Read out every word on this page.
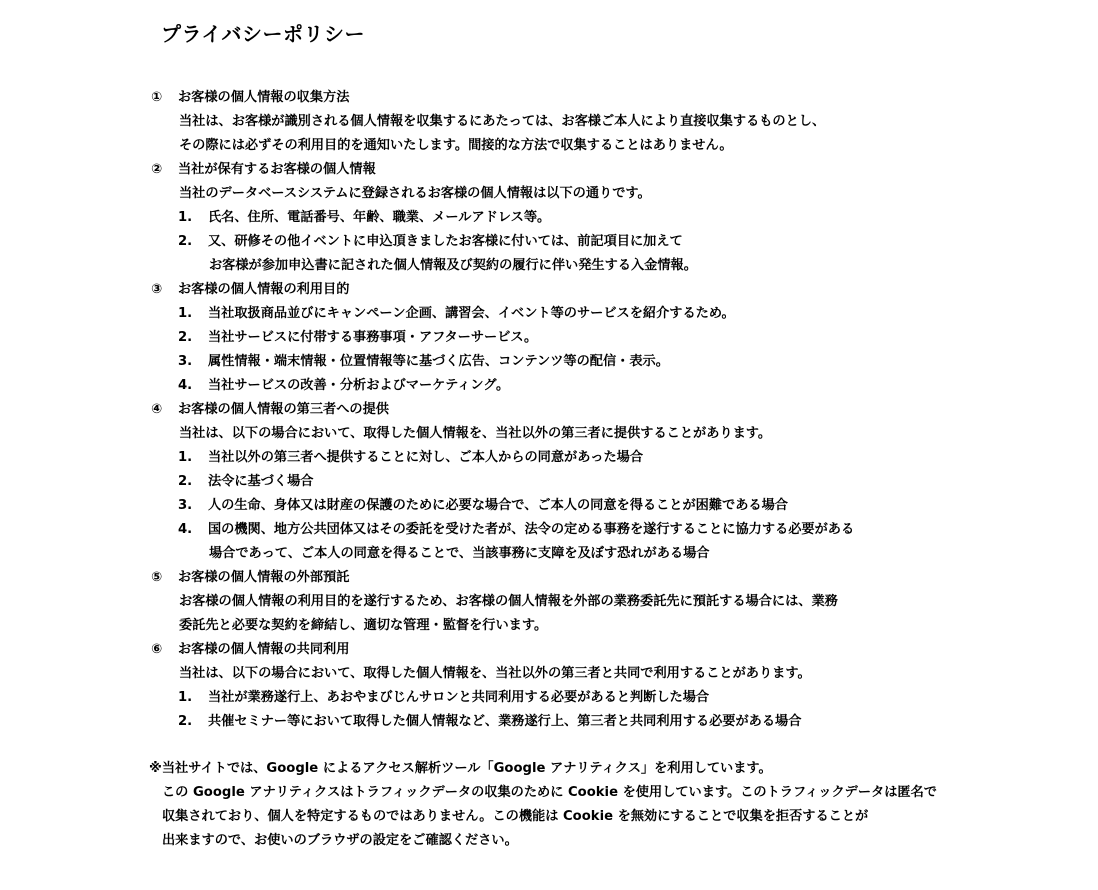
プライバシーポリシー
① お客様の個人情報の収集方法
当社は、お客様が識別される個人情報を収集するにあたっては、お客様ご本人により直接収集するものとし、
その際には必ずその利用目的を通知いたします。間接的な方法で収集することはありません。
② 当社が保有するお客様の個人情報
当社のデータベースシステムに登録されるお客様の個人情報は以下の通りです。
1. 氏名、住所、電話番号、年齢、職業、メールアドレス等。
2. 又、研修その他イベントに申込頂きましたお客様に付いては、前記項目に加えて
お客様が参加申込書に記された個人情報及び契約の履行に伴い発生する入金情報。
③ お客様の個人情報の利用目的
1. 当社取扱商品並びにキャンペーン企画、講習会、イベント等のサービスを紹介するため。
2. 当社サービスに付帯する事務事項・アフターサービス。
3. 属性情報・端末情報・位置情報等に基づく広告、コンテンツ等の配信・表示。
4. 当社サービスの改善・分析およびマーケティング。
④ お客様の個人情報の第三者への提供
当社は、以下の場合において、取得した個人情報を、当社以外の第三者に提供することがあります。
1. 当社以外の第三者へ提供することに対し、ご本人からの同意があった場合
2. 法令に基づく場合
3. 人の生命、身体又は財産の保護のために必要な場合で、ご本人の同意を得ることが困難である場合
4. 国の機関、地方公共団体又はその委託を受けた者が、法令の定める事務を遂行することに協力する必要がある
場合であって、ご本人の同意を得ることで、当該事務に支障を及ぼす恐れがある場合
⑤ お客様の個人情報の外部預託
お客様の個人情報の利用目的を遂行するため、お客様の個人情報を外部の業務委託先に預託する場合には、業務
委託先と必要な契約を締結し、適切な管理・監督を行います。
⑥ お客様の個人情報の共同利用
当社は、以下の場合において、取得した個人情報を、当社以外の第三者と共同で利用することがあります。
1. 当社が業務遂行上、あおやまびじんサロンと共同利用する必要があると判断した場合
2. 共催セミナー等において取得した個人情報など、業務遂行上、第三者と共同利用する必要がある場合
※当社サイトでは、Google によるアクセス解析ツール「Google アナリティクス」を利用しています。
この Google アナリティクスはトラフィックデータの収集のために Cookie を使用しています。このトラフィックデータは匿名で
収集されており、個人を特定するものではありません。この機能は Cookie を無効にすることで収集を拒否することが
出来ますので、お使いのブラウザの設定をご確認ください。
